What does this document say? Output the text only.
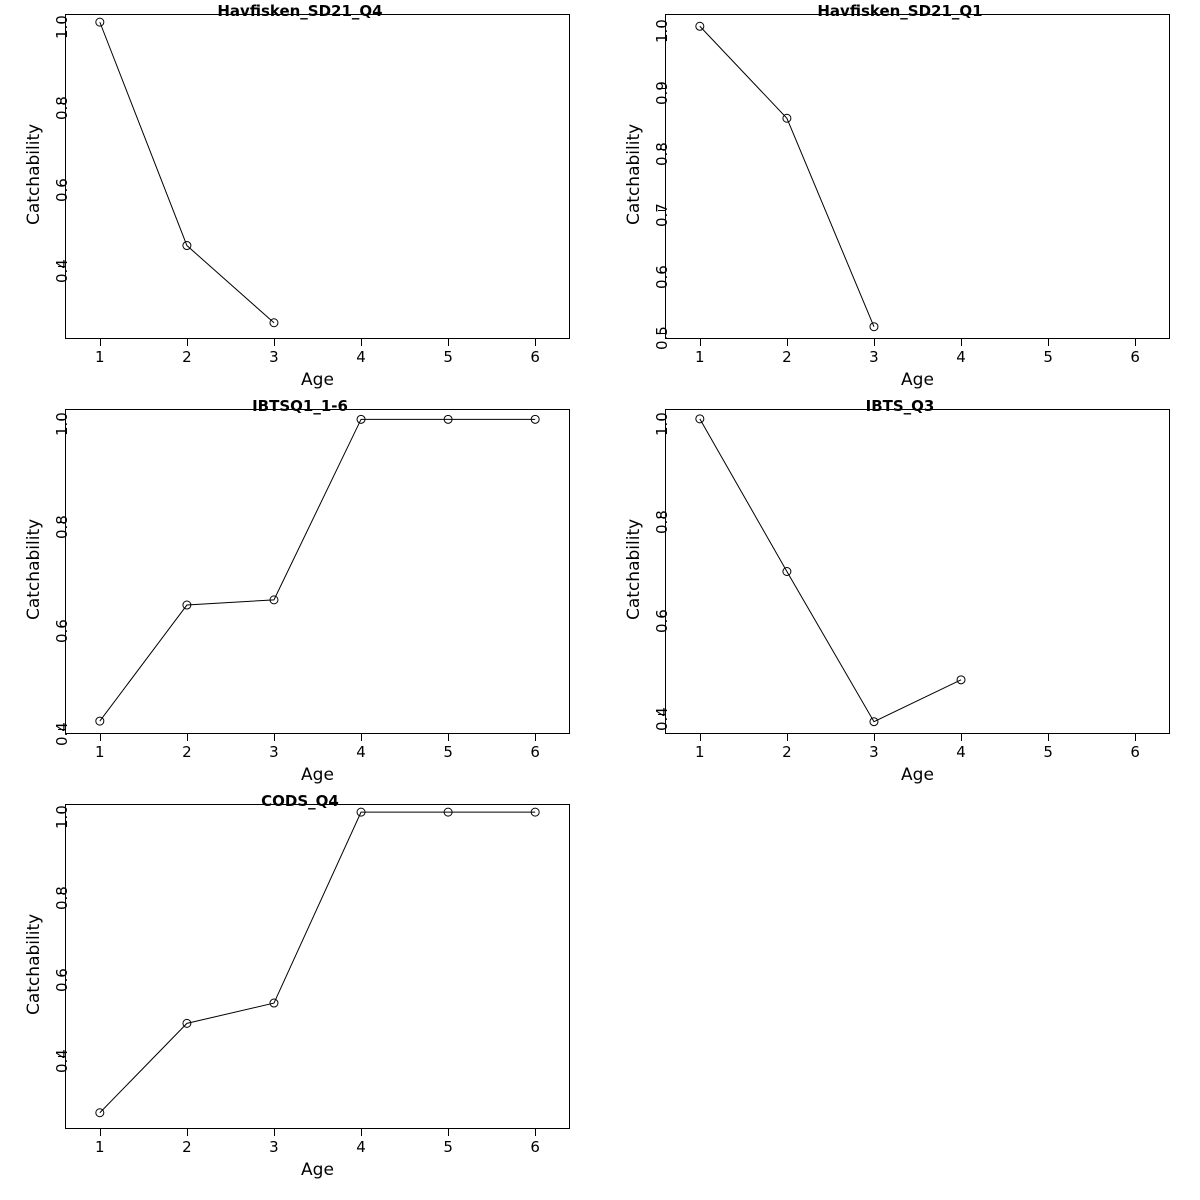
Havfisken_SD21_Q4
Catchability
Age
0.4
0.6
0.8
1.0
1	2	3	4	5	6
Havfisken_SD21_Q1
Catchability
Age
0.5
0.6
0.7
0.8
0.9
1.0
1	2	3	4	5	6
IBTSQ1_1-6
Catchability
Age
0.4
0.6
0.8
1.0
1	2	3	4	5	6
IBTS_Q3
Catchability
Age
0.4
0.6
0.8
1.0
1	2	3	4	5	6
CODS_Q4
Catchability
Age
0.4
0.6
0.8
1.0
1	2	3	4	5	6
